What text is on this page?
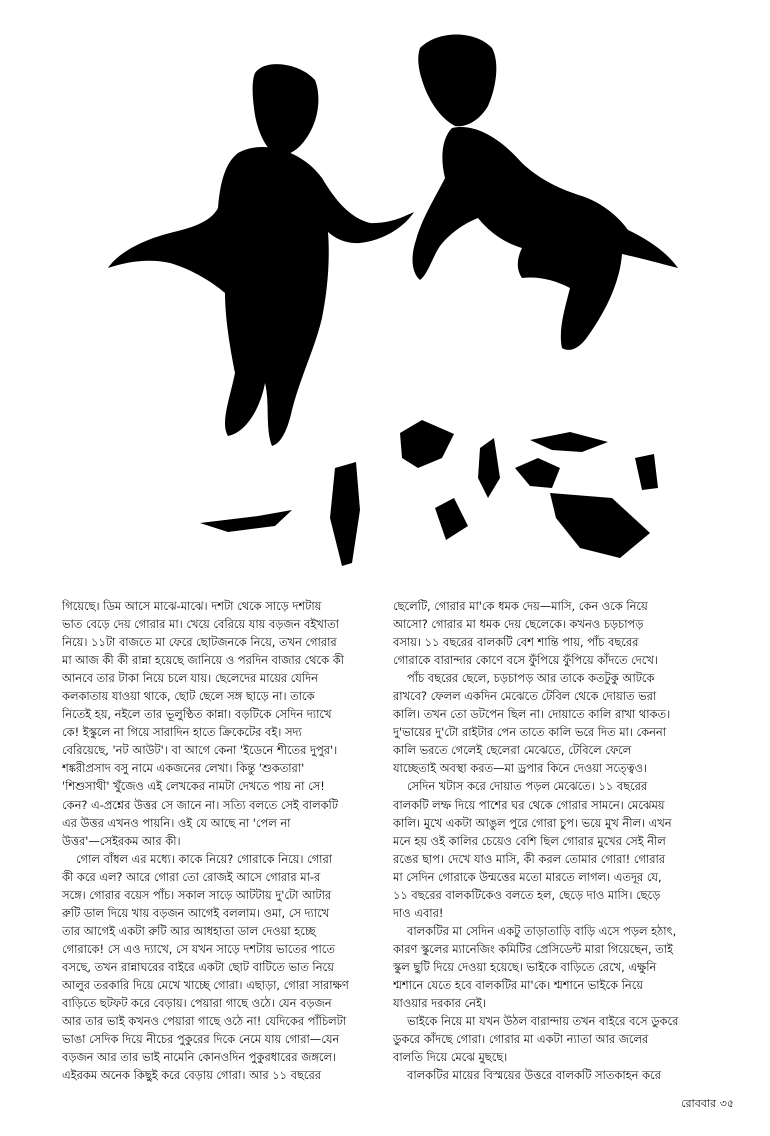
গিয়েছে। ডিম আসে মাঝে-মাঝে। দশটা থেকে সাড়ে দশটায়
ভাত বেড়ে দেয় গোরার মা। খেয়ে বেরিয়ে যায় বড়জন বইখাতা
নিয়ে। ১১টা বাজতে মা ফেরে ছোটজনকে নিয়ে, তখন গোরার
মা আজ কী কী রান্না হয়েছে জানিয়ে ও পরদিন বাজার থেকে কী
আনবে তার টাকা নিয়ে চলে যায়। ছেলেদের মায়ের যেদিন
কলকাতায় যাওয়া থাকে, ছোট ছেলে সঙ্গ ছাড়ে না। তাকে
নিতেই হয়, নইলে তার ভূলুণ্ঠিত কান্না। বড়টিকে সেদিন দ্যাখে
কে! ইস্কুলে না গিয়ে সারাদিন হাতে ক্রিকেটের বই। সদ্য
বেরিয়েছে, 'নট আউট'। বা আগে কেনা 'ইডেনে শীতের দুপুর'।
শঙ্করীপ্রসাদ বসু নামে একজনের লেখা। কিন্তু 'শুকতারা'
'শিশুসাথী' খুঁজেও এই লেখকের নামটা দেখতে পায় না সে!
কেন? এ-প্রশ্নের উত্তর সে জানে না। সত্যি বলতে সেই বালকটি
এর উত্তর এখনও পায়নি। ওই যে আছে না 'পেল না
উত্তর'—সেইরকম আর কী।
গোল বাঁধল এর মধ্যে। কাকে নিয়ে? গোরাকে নিয়ে। গোরা
কী করে এল? আরে গোরা তো রোজই আসে গোরার মা-র
সঙ্গে। গোরার বয়েস পাঁচ। সকাল সাড়ে আটটায় দু'টো আটার
রুটি ডাল দিয়ে খায় বড়জন আগেই বললাম। ওমা, সে দ্যাখে
তার আগেই একটা রুটি আর আধহাতা ডাল দেওয়া হচ্ছে
গোরাকে! সে এও দ্যাখে, সে যখন সাড়ে দশটায় ভাতের পাতে
বসছে, তখন রান্নাঘরের বাইরে একটা ছোট বাটিতে ভাত নিয়ে
আলুর তরকারি দিয়ে মেখে খাচ্ছে গোরা। এছাড়া, গোরা সারাক্ষণ
বাড়িতে ছটফট করে বেড়ায়। পেয়ারা গাছে ওঠে। যেন বড়জন
আর তার ভাই কখনও পেয়ারা গাছে ওঠে না! যেদিকের পাঁচিলটা
ভাঙা সেদিক দিয়ে নীচের পুকুরের দিকে নেমে যায় গোরা—যেন
বড়জন আর তার ভাই নামেনি কোনওদিন পুকুরধারের জঙ্গলে।
এইরকম অনেক কিছুই করে বেড়ায় গোরা। আর ১১ বছরের
ছেলেটি, গোরার মা'কে ধমক দেয়—মাসি, কেন ওকে নিয়ে
আসো? গোরার মা ধমক দেয় ছেলেকে। কখনও চড়চাপড়
বসায়। ১১ বছরের বালকটি বেশ শান্তি পায়, পাঁচ বছরের
গোরাকে বারান্দার কোণে বসে ফুঁপিয়ে ফুঁপিয়ে কাঁদতে দেখে।
পাঁচ বছরের ছেলে, চড়চাপড় আর তাকে কতটুকু আটকে
রাখবে? ফেলল একদিন মেঝেতে টেবিল থেকে দোয়াত ভরা
কালি। তখন তো ডটপেন ছিল না। দোয়াতে কালি রাখা থাকত।
দু'ভায়ের দু'টো রাইটার পেন তাতে কালি ভরে দিত মা। কেননা
কালি ভরতে গেলেই ছেলেরা মেঝেতে, টেবিলে ফেলে
যাচ্ছেতাই অবস্থা করত—মা ড্রপার কিনে দেওয়া সত্ত্বেও।
সেদিন খটাস করে দোয়াত পড়ল মেঝেতে। ১১ বছরের
বালকটি লম্ফ দিয়ে পাশের ঘর থেকে গোরার সামনে। মেঝেময়
কালি। মুখে একটা আঙুল পুরে গোরা চুপ। ভয়ে মুখ নীল। এখন
মনে হয় ওই কালির চেয়েও বেশি ছিল গোরার মুখের সেই নীল
রঙের ছাপ। দেখে যাও মাসি, কী করল তোমার গোরা! গোরার
মা সেদিন গোরাকে উন্মত্তের মতো মারতে লাগল। এতদূর যে,
১১ বছরের বালকটিকেও বলতে হল, ছেড়ে দাও মাসি। ছেড়ে
দাও এবার!
বালকটির মা সেদিন একটু তাড়াতাড়ি বাড়ি এসে পড়ল হঠাৎ,
কারণ স্কুলের ম্যানেজিং কমিটির প্রেসিডেন্ট মারা গিয়েছেন, তাই
স্কুল ছুটি দিয়ে দেওয়া হয়েছে। ভাইকে বাড়িতে রেখে, এক্ষুনি
শ্মশানে যেতে হবে বালকটির মা'কে। শ্মশানে ভাইকে নিয়ে
যাওয়ার দরকার নেই।
ভাইকে নিয়ে মা যখন উঠল বারান্দায় তখন বাইরে বসে ডুকরে
ডুকরে কাঁদছে গোরা। গোরার মা একটা ন্যাতা আর জলের
বালতি দিয়ে মেঝে মুছছে।
বালকটির মায়ের বিস্ময়ের উত্তরে বালকটি সাতকাহন করে
রোববার ৩৫
